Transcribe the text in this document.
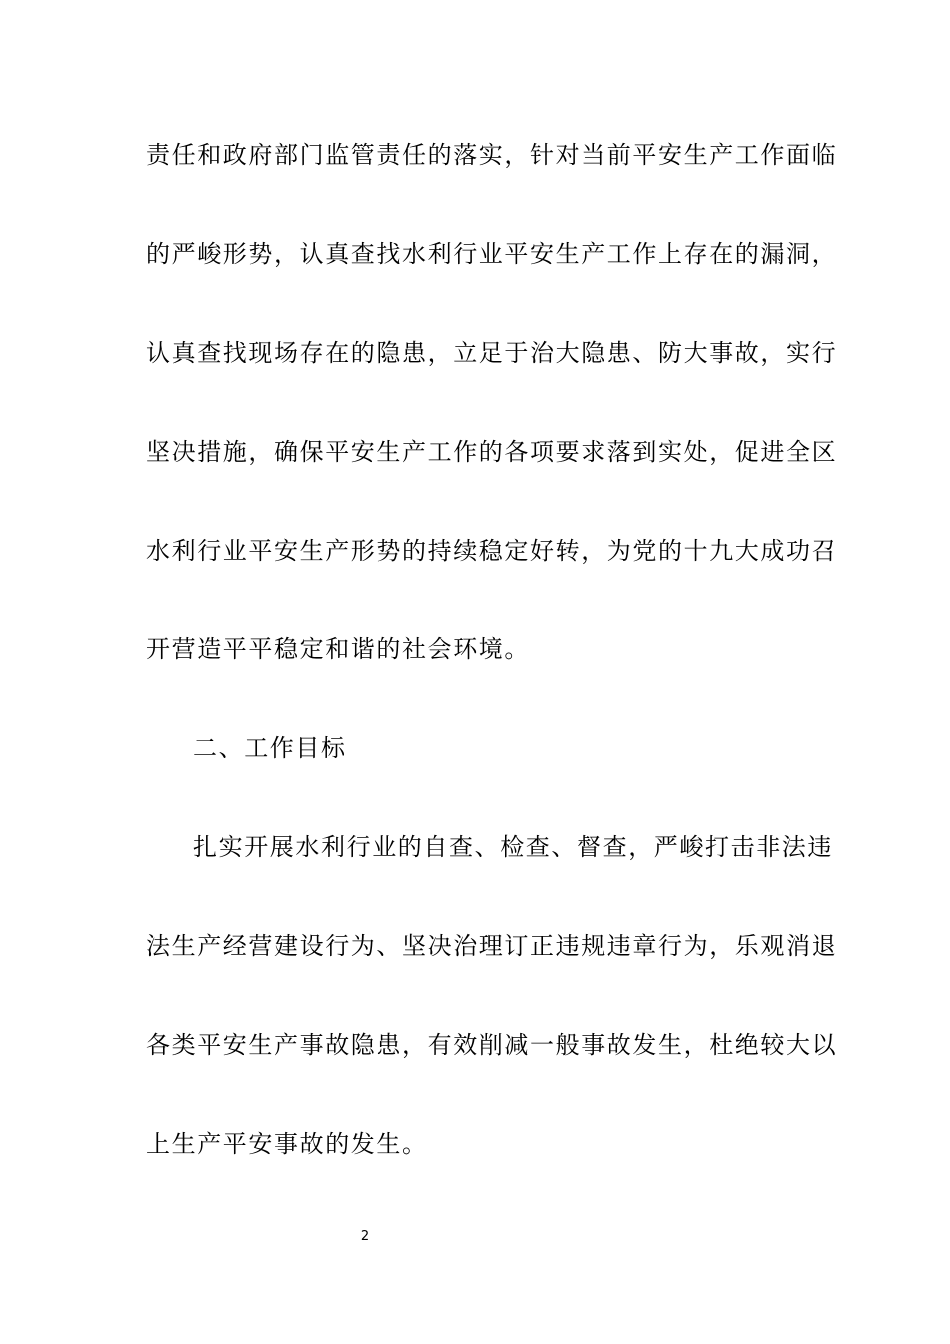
责任和政府部门监管责任的落实，针对当前平安生产工作面临
的严峻形势，认真查找水利行业平安生产工作上存在的漏洞，
认真查找现场存在的隐患，立足于治大隐患、防大事故，实行
坚决措施，确保平安生产工作的各项要求落到实处，促进全区
水利行业平安生产形势的持续稳定好转，为党的十九大成功召
开营造平平稳定和谐的社会环境。
二、工作目标
扎实开展水利行业的自查、检查、督查，严峻打击非法违
法生产经营建设行为、坚决治理订正违规违章行为，乐观消退
各类平安生产事故隐患，有效削减一般事故发生，杜绝较大以
上生产平安事故的发生。
2
